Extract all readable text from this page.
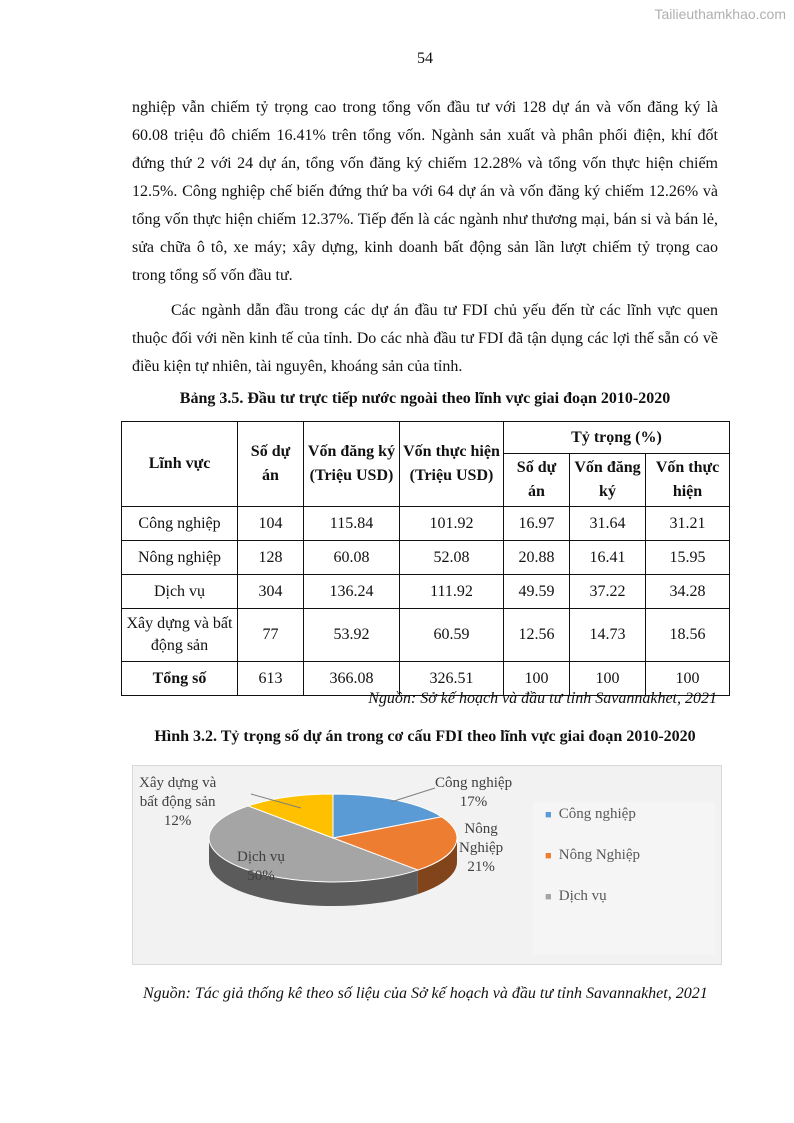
Tailieuthamkhao.com
54

nghiệp vẫn chiếm tỷ trọng cao trong tổng vốn đầu tư với 128 dự án và vốn đăng ký là 60.08 triệu đô chiếm 16.41% trên tổng vốn. Ngành sản xuất và phân phối điện, khí đốt đứng thứ 2 với 24 dự án, tổng vốn đăng ký chiếm 12.28% và tổng vốn thực hiện chiếm 12.5%. Công nghiệp chế biến đứng thứ ba với 64 dự án và vốn đăng ký chiếm 12.26% và tổng vốn thực hiện chiếm 12.37%. Tiếp đến là các ngành như thương mại, bán si và bán lẻ, sửa chữa ô tô, xe máy; xây dựng, kinh doanh bất động sản lần lượt chiếm tỷ trọng cao trong tổng số vốn đầu tư.

Các ngành dẫn đầu trong các dự án đầu tư FDI chủ yếu đến từ các lĩnh vực quen thuộc đối với nền kinh tế của tỉnh. Do các nhà đầu tư FDI đã tận dụng các lợi thế sẵn có về điều kiện tự nhiên, tài nguyên, khoáng sản của tỉnh.

Bảng 3.5. Đầu tư trực tiếp nước ngoài theo lĩnh vực giai đoạn 2010-2020
Lĩnh vực	Số dự án	Vốn đăng ký (Triệu USD)	Vốn thực hiện (Triệu USD)	Tỷ trọng (%)		
				Số dự án	Vốn đăng ký	Vốn thực hiện
Công nghiệp	104	115.84	101.92	16.97	31.64	31.21
Nông nghiệp	128	60.08	52.08	20.88	16.41	15.95
Dịch vụ	304	136.24	111.92	49.59	37.22	34.28
Xây dựng và bất động sản	77	53.92	60.59	12.56	14.73	18.56
Tổng số	613	366.08	326.51	100	100	100
Nguồn: Sở kế hoạch và đầu tư tỉnh Savannakhet, 2021
Hình 3.2. Tỷ trọng số dự án trong cơ cấu FDI theo lĩnh vực giai đoạn 2010-2020
■ Công nghiệp
■ Nông Nghiệp
■ Dịch vụ
Công nghiệp
17%
Nông
Nghiệp
21%
Dịch vụ
50%
Xây dựng và
bất động sản
12%
Nguồn: Tác giả thống kê theo số liệu của Sở kế hoạch và đầu tư tỉnh Savannakhet, 2021
